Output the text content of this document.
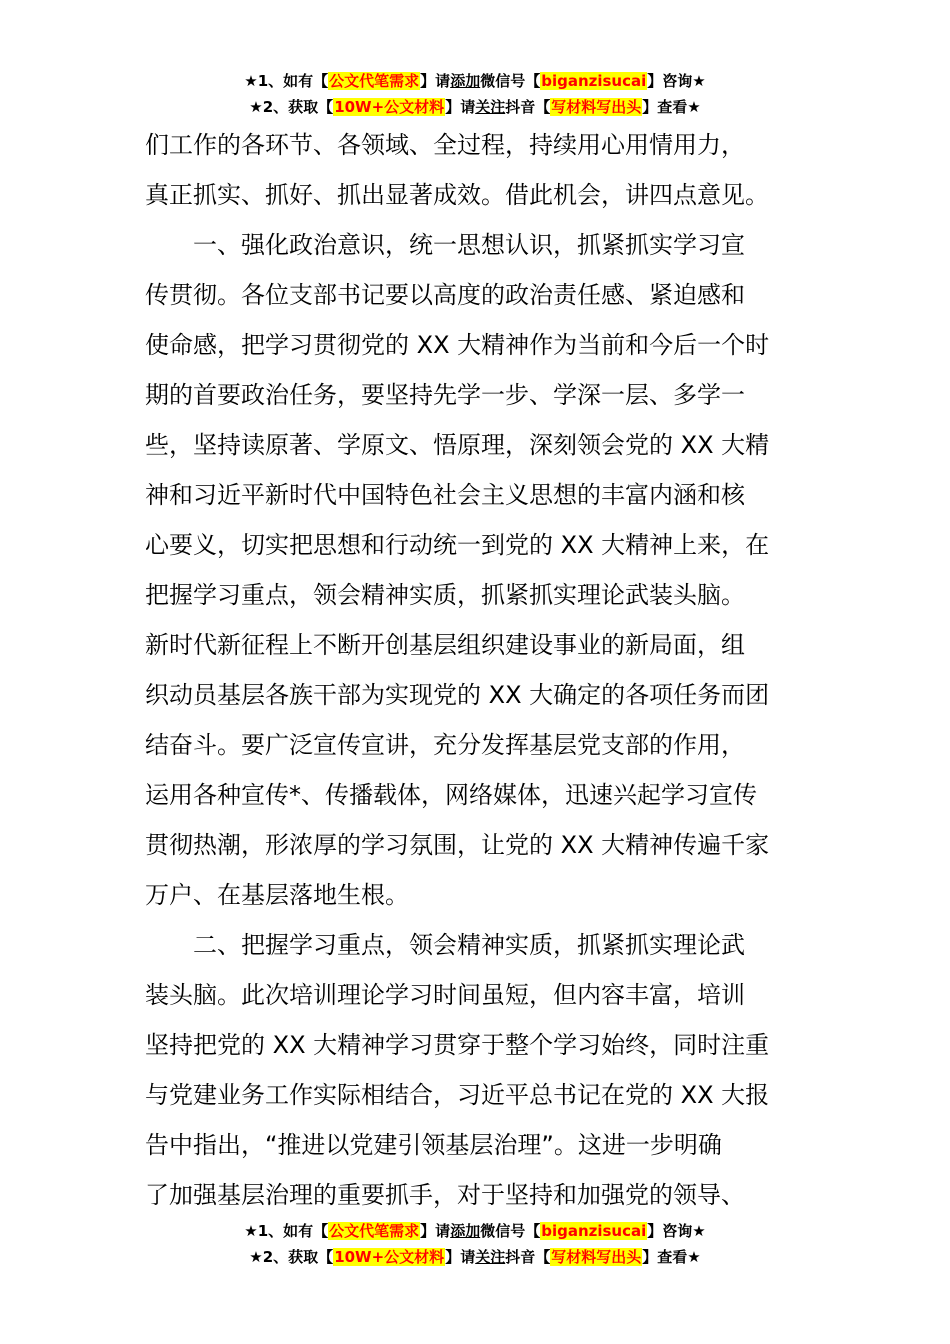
★1、如有【公文代笔需求】请添加微信号【biganzisucai】咨询★
★2、获取【10W+公文材料】请关注抖音【写材料写出头】查看★
们工作的各环节、各领域、全过程，持续用心用情用力，
真正抓实、抓好、抓出显著成效。借此机会，讲四点意见。
一、强化政治意识，统一思想认识，抓紧抓实学习宣
传贯彻。各位支部书记要以高度的政治责任感、紧迫感和
使命感，把学习贯彻党的 XX 大精神作为当前和今后一个时
期的首要政治任务，要坚持先学一步、学深一层、多学一
些，坚持读原著、学原文、悟原理，深刻领会党的 XX 大精
神和习近平新时代中国特色社会主义思想的丰富内涵和核
心要义，切实把思想和行动统一到党的 XX 大精神上来，在
把握学习重点，领会精神实质，抓紧抓实理论武装头脑。
新时代新征程上不断开创基层组织建设事业的新局面，组
织动员基层各族干部为实现党的 XX 大确定的各项任务而团
结奋斗。要广泛宣传宣讲，充分发挥基层党支部的作用，
运用各种宣传*、传播载体，网络媒体，迅速兴起学习宣传
贯彻热潮，形浓厚的学习氛围，让党的 XX 大精神传遍千家
万户、在基层落地生根。
二、把握学习重点，领会精神实质，抓紧抓实理论武
装头脑。此次培训理论学习时间虽短，但内容丰富，培训
坚持把党的 XX 大精神学习贯穿于整个学习始终，同时注重
与党建业务工作实际相结合，习近平总书记在党的 XX 大报
告中指出，“推进以党建引领基层治理”。这进一步明确
了加强基层治理的重要抓手，对于坚持和加强党的领导、
★1、如有【公文代笔需求】请添加微信号【biganzisucai】咨询★
★2、获取【10W+公文材料】请关注抖音【写材料写出头】查看★
